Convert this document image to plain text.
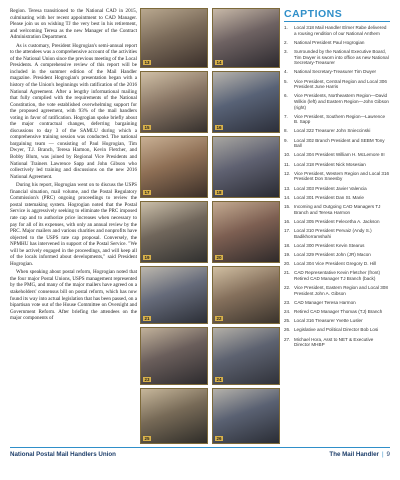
Region. Teresa transitioned to the National CAD in 2015, culminating with her recent appointment to CAD Manager. Please join us on wishing TJ the very best in his retirement, and welcoming Teresa as the new Manager of the Contract Administration Department.

As is customary, President Hogrogian's semi-annual report to the attendees was a comprehensive account of the activities of the National Union since the previous meeting of the Local Presidents. A comprehensive review of this report will be included in the summer edition of the Mail Handler magazine. President Hogrogian's presentation began with a history of the Union's beginnings with ratification of the 2016 National Agreement. After a lengthy informational mailing that fully complied with the requirements of the National Constitution, the vote established overwhelming support for the proposed agreement, with 93% of the mail handlers voting in favor of ratification. Hogrogian spoke briefly about the major contractual changes, deferring bargaining discussions to day 3 of the SAMLU during which a comprehensive training session was conducted. The national bargaining team — consisting of Paul Hogrogian, Tim Dwyer, T.J. Branch, Teresa Harmon, Kevin Fletcher, and Bobby Blum, was joined by Regional Vice Presidents and National Trainers Lawrence Sapp and John Gibson who collectively led training and discussions on the new 2016 National Agreement.

During his report, Hogrogian went on to discuss the USPS financial situation, mail volume, and the Postal Regulatory Commission's (PRC) ongoing proceedings to review the postal ratemaking system. Hogrogian noted that the Postal Service is aggressively seeking to eliminate the PRC imposed rate cap and to authorize price increases when necessary to pay for all of its expenses, with only an annual review by the PRC. Major mailers and various charities and nonprofits have objected to the USPS rate cap proposal. Conversely, the NPMHU has intervened in support of the Postal Service. "We will be actively engaged in the proceedings, and will keep all of the locals informed about developments," said President Hogrogian.

When speaking about postal reform, Hogrogian noted that the four major Postal Unions, USPS management represented by the PMG, and many of the major mailers have agreed on a stakeholders' consensus bill on postal reform, which has now found its way into actual legislation that has been passed, on a bipartisan vote out of the House Committee on Oversight and Government Reform. After briefing the attendees on the major components of

13	14
15	16
17	18
19	20
21	22
23	24
25	26
CAPTIONS
1.	Local 318 Mail Handler Elmer Rabe delivered a rousing rendition of our National Anthem
2.	National President Paul Hogrogian
3.	Surrounded by the National Executive Board, Tim Dwyer is sworn into office as new National Secretary-Treasurer
4.	National Secretary-Treasurer Tim Dwyer
5.	Vice President, Central Region and Local 306 President June Harris
6.	Vice Presidents, Northeastern Region—David Wilkin (left) and Eastern Region—John Gibson (right)
7.	Vice President, Southern Region—Lawrence B. Sapp
8.	Local 322 Treasurer John Snieccinski
9.	Local 302 Branch President and SEBM Tony Ball
10. Local 304 President William H. McLemore III
11. Local 318 President Nick Mosesian
12. Vice President, Western Region and Local 316 President Don Sneesby
13. Local 303 President Javier Valencia
14. Local 301 President Dan St. Marie
15. Incoming and Outgoing CAD Managers TJ Branch and Teresa Harmon
16. Local 305 President Felecetha A. Jackson
17. Local 310 President Pervaiz (Andy S.) Badikhorramshahi
18. Local 300 President Kevin Stearus
19. Local 329 President John (JR) Macon
20. Local 304 Vice President Gregory D. Hill
21. CAD Representative Kevin Fletcher (front) Retired CAD Manager TJ Branch (back)
22. Vice President, Eastern Region and Local 308 President John A. Gibson
23. CAD Manager Teresa Harmon
24. Retired CAD Manager Thomas (TJ) Branch
25. Local 316 Treasurer Yvette Lusler
26. Legislative and Political Director Bob Losi
27. Michael Hora, Asst to NET & Executive Director MHBP
National Postal Mail Handlers Union	The Mail Handler | 9
